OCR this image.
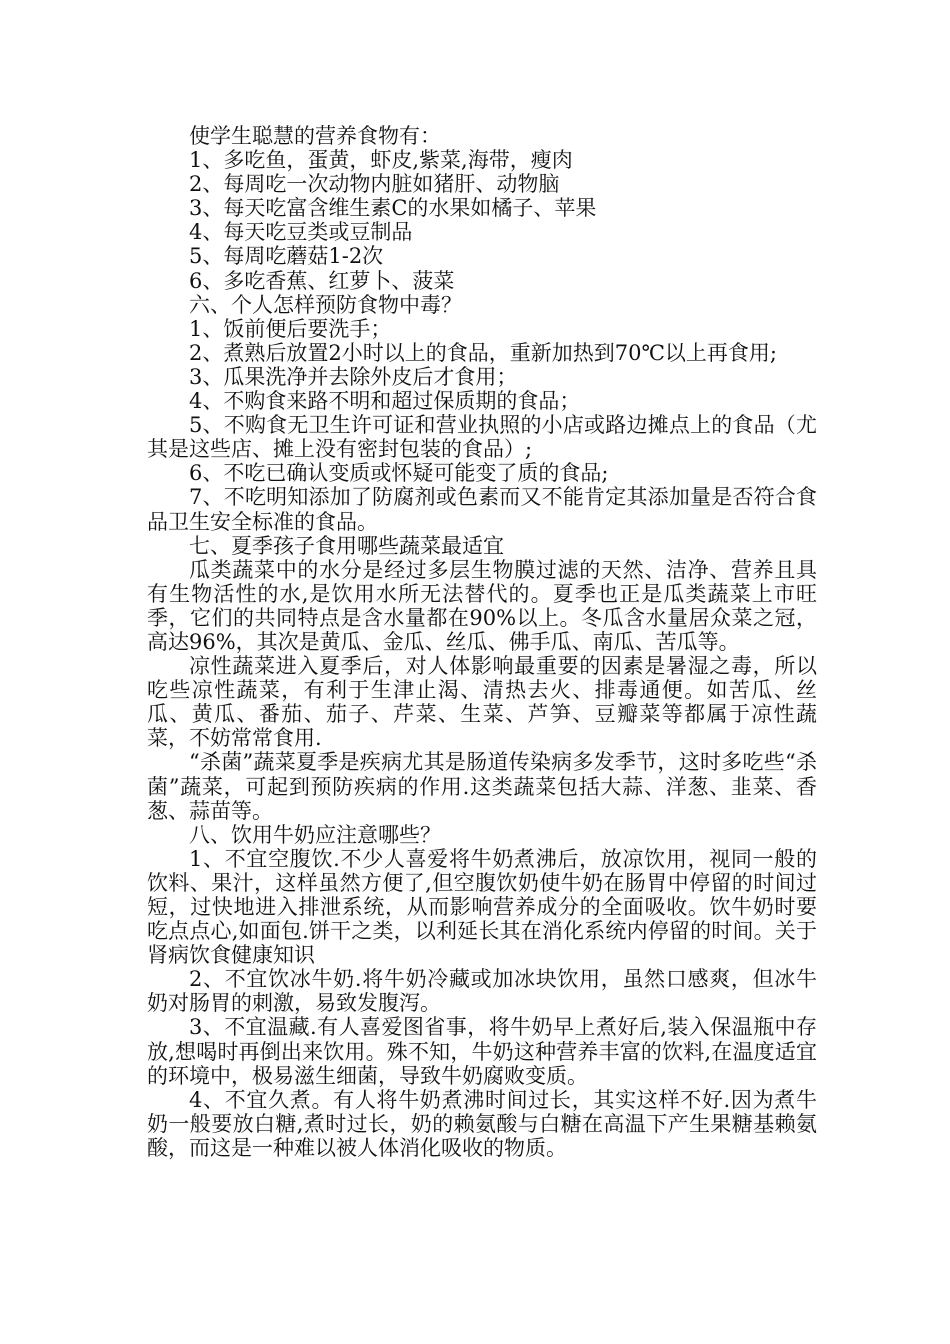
使学生聪慧的营养食物有：

1、多吃鱼，蛋黄，虾皮,紫菜,海带，瘦肉

2、每周吃一次动物内脏如猪肝、动物脑

3、每天吃富含维生素C的水果如橘子、苹果

4、每天吃豆类或豆制品

5、每周吃蘑菇1-2次

6、多吃香蕉、红萝卜、菠菜

六、个人怎样预防食物中毒？

1、饭前便后要洗手；

2、煮熟后放置2小时以上的食品，重新加热到70℃以上再食用;

3、瓜果洗净并去除外皮后才食用；

4、不购食来路不明和超过保质期的食品；

5、不购食无卫生许可证和营业执照的小店或路边摊点上的食品（尤其是这些店、摊上没有密封包装的食品）;

6、不吃已确认变质或怀疑可能变了质的食品;

7、不吃明知添加了防腐剂或色素而又不能肯定其添加量是否符合食品卫生安全标准的食品。

七、夏季孩子食用哪些蔬菜最适宜

瓜类蔬菜中的水分是经过多层生物膜过滤的天然、洁净、营养且具有生物活性的水,是饮用水所无法替代的。夏季也正是瓜类蔬菜上市旺季，它们的共同特点是含水量都在90%以上。冬瓜含水量居众菜之冠，高达96%，其次是黄瓜、金瓜、丝瓜、佛手瓜、南瓜、苦瓜等。

凉性蔬菜进入夏季后，对人体影响最重要的因素是暑湿之毒，所以吃些凉性蔬菜，有利于生津止渴、清热去火、排毒通便。如苦瓜、丝瓜、黄瓜、番茄、茄子、芹菜、生菜、芦笋、豆瓣菜等都属于凉性蔬菜，不妨常常食用.

“杀菌”蔬菜夏季是疾病尤其是肠道传染病多发季节，这时多吃些“杀菌”蔬菜，可起到预防疾病的作用.这类蔬菜包括大蒜、洋葱、韭菜、香葱、蒜苗等。

八、饮用牛奶应注意哪些？

1、不宜空腹饮.不少人喜爱将牛奶煮沸后，放凉饮用，视同一般的饮料、果汁，这样虽然方便了,但空腹饮奶使牛奶在肠胃中停留的时间过短，过快地进入排泄系统，从而影响营养成分的全面吸收。饮牛奶时要吃点点心,如面包.饼干之类，以利延长其在消化系统内停留的时间。关于肾病饮食健康知识

2、不宜饮冰牛奶.将牛奶冷藏或加冰块饮用，虽然口感爽，但冰牛奶对肠胃的刺激，易致发腹泻。

3、不宜温藏.有人喜爱图省事，将牛奶早上煮好后,装入保温瓶中存放,想喝时再倒出来饮用。殊不知，牛奶这种营养丰富的饮料,在温度适宜的环境中，极易滋生细菌，导致牛奶腐败变质。

4、不宜久煮。有人将牛奶煮沸时间过长，其实这样不好.因为煮牛奶一般要放白糖,煮时过长，奶的赖氨酸与白糖在高温下产生果糖基赖氨酸，而这是一种难以被人体消化吸收的物质。
